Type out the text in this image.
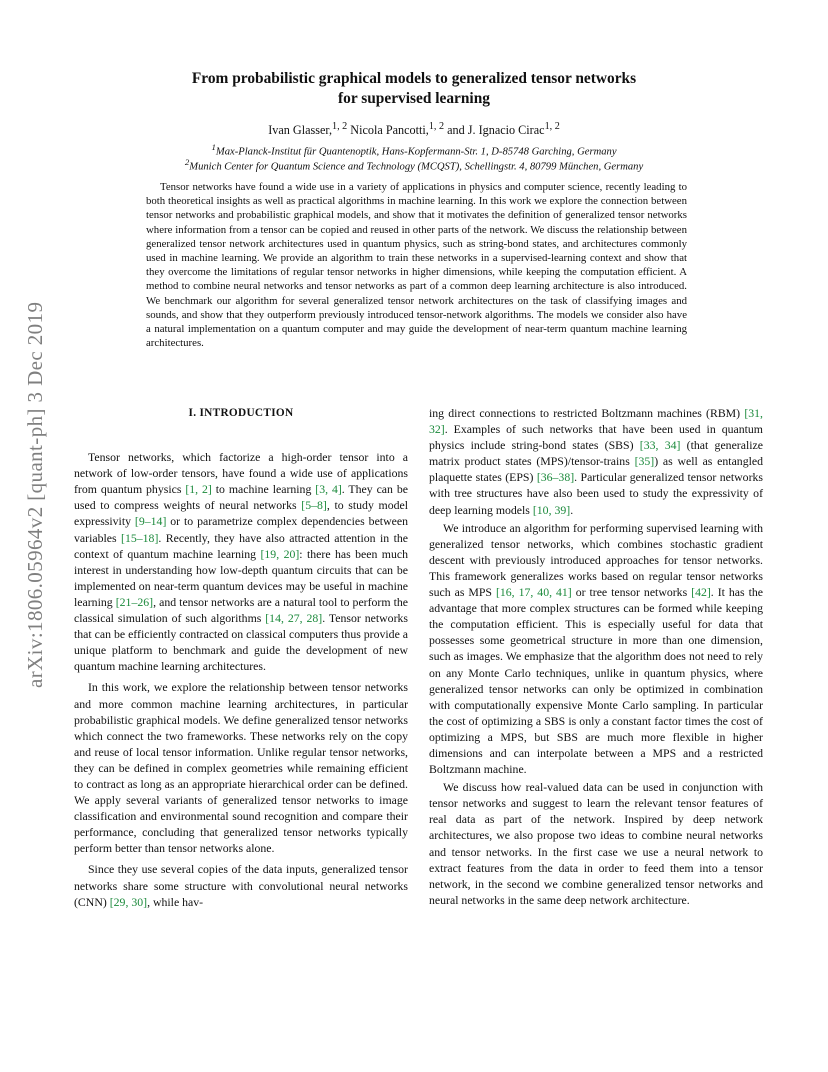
arXiv:1806.05964v2 [quant-ph] 3 Dec 2019
From probabilistic graphical models to generalized tensor networks
for supervised learning
Ivan Glasser,$^{1, 2}$ Nicola Pancotti,$^{1, 2}$ and J. Ignacio Cirac$^{1, 2}$
$^1$Max-Planck-Institut für Quantenoptik, Hans-Kopfermann-Str. 1, D-85748 Garching, Germany
$^2$Munich Center for Quantum Science and Technology (MCQST), Schellingstr. 4, 80799 München, Germany

Tensor networks have found a wide use in a variety of applications in physics and computer science, recently leading to both theoretical insights as well as practical algorithms in machine learning. In this work we explore the connection between tensor networks and probabilistic graphical models, and show that it motivates the definition of generalized tensor networks where information from a tensor can be copied and reused in other parts of the network. We discuss the relationship between generalized tensor network architectures used in quantum physics, such as string-bond states, and architectures commonly used in machine learning. We provide an algorithm to train these networks in a supervised-learning context and show that they overcome the limitations of regular tensor networks in higher dimensions, while keeping the computation efficient. A method to combine neural networks and tensor networks as part of a common deep learning architecture is also introduced. We benchmark our algorithm for several generalized tensor network architectures on the task of classifying images and sounds, and show that they outperform previously introduced tensor-network algorithms. The models we consider also have a natural implementation on a quantum computer and may guide the development of near-term quantum machine learning architectures.

I. INTRODUCTION

Tensor networks, which factorize a high-order tensor into a network of low-order tensors, have found a wide use of applications from quantum physics [1, 2] to machine learning [3, 4]. They can be used to compress weights of neural networks [5–8], to study model expressivity [9–14] or to parametrize complex dependencies between variables [15–18]. Recently, they have also attracted attention in the context of quantum machine learning [19, 20]: there has been much interest in understanding how low-depth quantum circuits that can be implemented on near-term quantum devices may be useful in machine learning [21–26], and tensor networks are a natural tool to perform the classical simulation of such algorithms [14, 27, 28]. Tensor networks that can be efficiently contracted on classical computers thus provide a unique platform to benchmark and guide the development of new quantum machine learning architectures.

In this work, we explore the relationship between tensor networks and more common machine learning architectures, in particular probabilistic graphical models. We define generalized tensor networks which connect the two frameworks. These networks rely on the copy and reuse of local tensor information. Unlike regular tensor networks, they can be defined in complex geometries while remaining efficient to contract as long as an appropriate hierarchical order can be defined. We apply several variants of generalized tensor networks to image classification and environmental sound recognition and compare their performance, concluding that generalized tensor networks typically perform better than tensor networks alone.

Since they use several copies of the data inputs, generalized tensor networks share some structure with convolutional neural networks (CNN) [29, 30], while hav-

ing direct connections to restricted Boltzmann machines (RBM) [31, 32]. Examples of such networks that have been used in quantum physics include string-bond states (SBS) [33, 34] (that generalize matrix product states (MPS)/tensor-trains [35]) as well as entangled plaquette states (EPS) [36–38]. Particular generalized tensor networks with tree structures have also been used to study the expressivity of deep learning models [10, 39].

We introduce an algorithm for performing supervised learning with generalized tensor networks, which combines stochastic gradient descent with previously introduced approaches for tensor networks. This framework generalizes works based on regular tensor networks such as MPS [16, 17, 40, 41] or tree tensor networks [42]. It has the advantage that more complex structures can be formed while keeping the computation efficient. This is especially useful for data that possesses some geometrical structure in more than one dimension, such as images. We emphasize that the algorithm does not need to rely on any Monte Carlo techniques, unlike in quantum physics, where generalized tensor networks can only be optimized in combination with computationally expensive Monte Carlo sampling. In particular the cost of optimizing a SBS is only a constant factor times the cost of optimizing a MPS, but SBS are much more flexible in higher dimensions and can interpolate between a MPS and a restricted Boltzmann machine.

We discuss how real-valued data can be used in conjunction with tensor networks and suggest to learn the relevant tensor features of real data as part of the network. Inspired by deep network architectures, we also propose two ideas to combine neural networks and tensor networks. In the first case we use a neural network to extract features from the data in order to feed them into a tensor network, in the second we combine generalized tensor networks and neural networks in the same deep network architecture.
